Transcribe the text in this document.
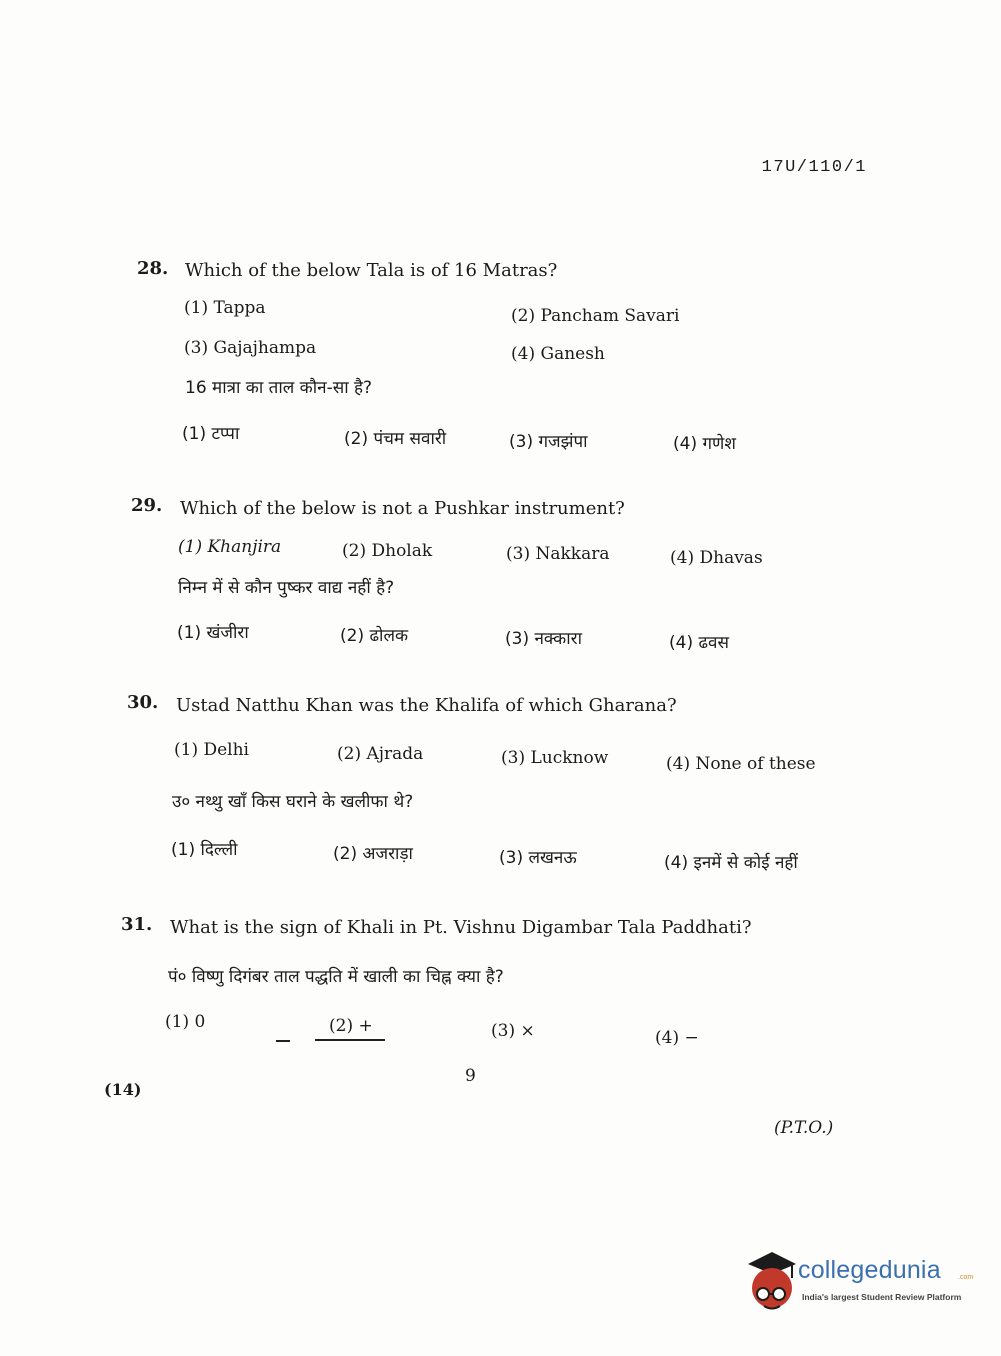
17U/110/1
28. Which of the below Tala is of 16 Matras?
(1) Tappa	(2) Pancham Savari
(3) Gajajhampa	(4) Ganesh
16 मात्रा का ताल कौन-सा है?
(1) टप्पा	(2) पंचम सवारी	(3) गजझंपा	(4) गणेश
29. Which of the below is not a Pushkar instrument?
(1) Khanjira	(2) Dholak	(3) Nakkara	(4) Dhavas
निम्न में से कौन पुष्कर वाद्य नहीं है?
(1) खंजीरा	(2) ढोलक	(3) नक्कारा	(4) ढवस
30. Ustad Natthu Khan was the Khalifa of which Gharana?
(1) Delhi	(2) Ajrada	(3) Lucknow	(4) None of these
उ० नथ्थु खाँ किस घराने के खलीफा थे?
(1) दिल्ली	(2) अजराड़ा	(3) लखनऊ	(4) इनमें से कोई नहीं
31. What is the sign of Khali in Pt. Vishnu Digambar Tala Paddhati?
पं० विष्णु दिगंबर ताल पद्धति में खाली का चिह्न क्या है?
(1) 0	(2) +	(3) ×	(4) −
(14)
9
(P.T.O.)
collegedunia .com
India's largest Student Review Platform
